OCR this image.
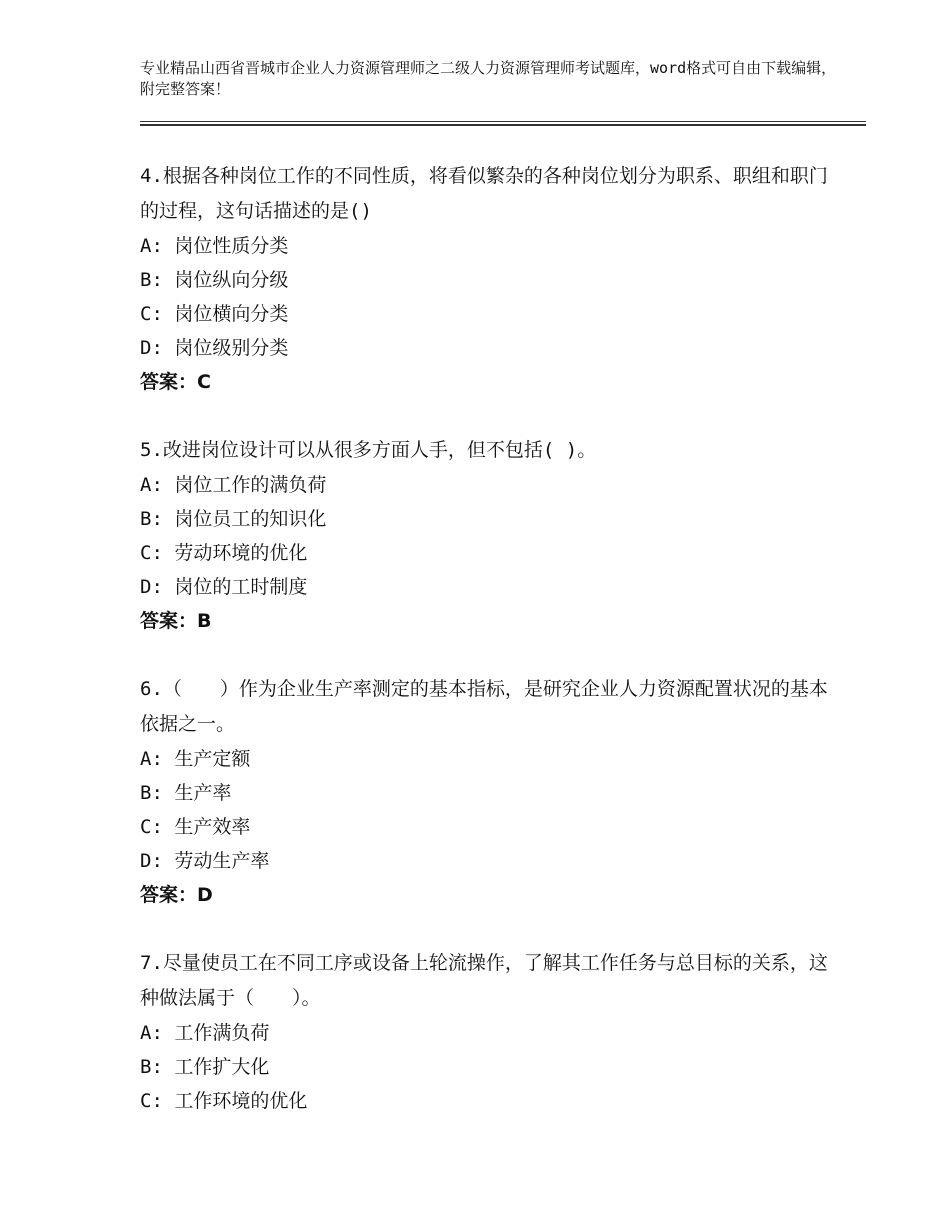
专业精品山西省晋城市企业人力资源管理师之二级人力资源管理师考试题库，word格式可自由下载编辑，附完整答案！

4.根据各种岗位工作的不同性质，将看似繁杂的各种岗位划分为职系、职组和职门的过程，这句话描述的是()

A: 岗位性质分类

B: 岗位纵向分级

C: 岗位横向分类

D: 岗位级别分类

答案：C

5.改进岗位设计可以从很多方面人手，但不包括( )。

A: 岗位工作的满负荷

B: 岗位员工的知识化

C: 劳动环境的优化

D: 岗位的工时制度

答案：B

6.（　　）作为企业生产率测定的基本指标，是研究企业人力资源配置状况的基本依据之一。

A: 生产定额

B: 生产率

C: 生产效率

D: 劳动生产率

答案：D

7.尽量使员工在不同工序或设备上轮流操作，了解其工作任务与总目标的关系，这种做法属于（　　）。

A: 工作满负荷

B: 工作扩大化

C: 工作环境的优化
